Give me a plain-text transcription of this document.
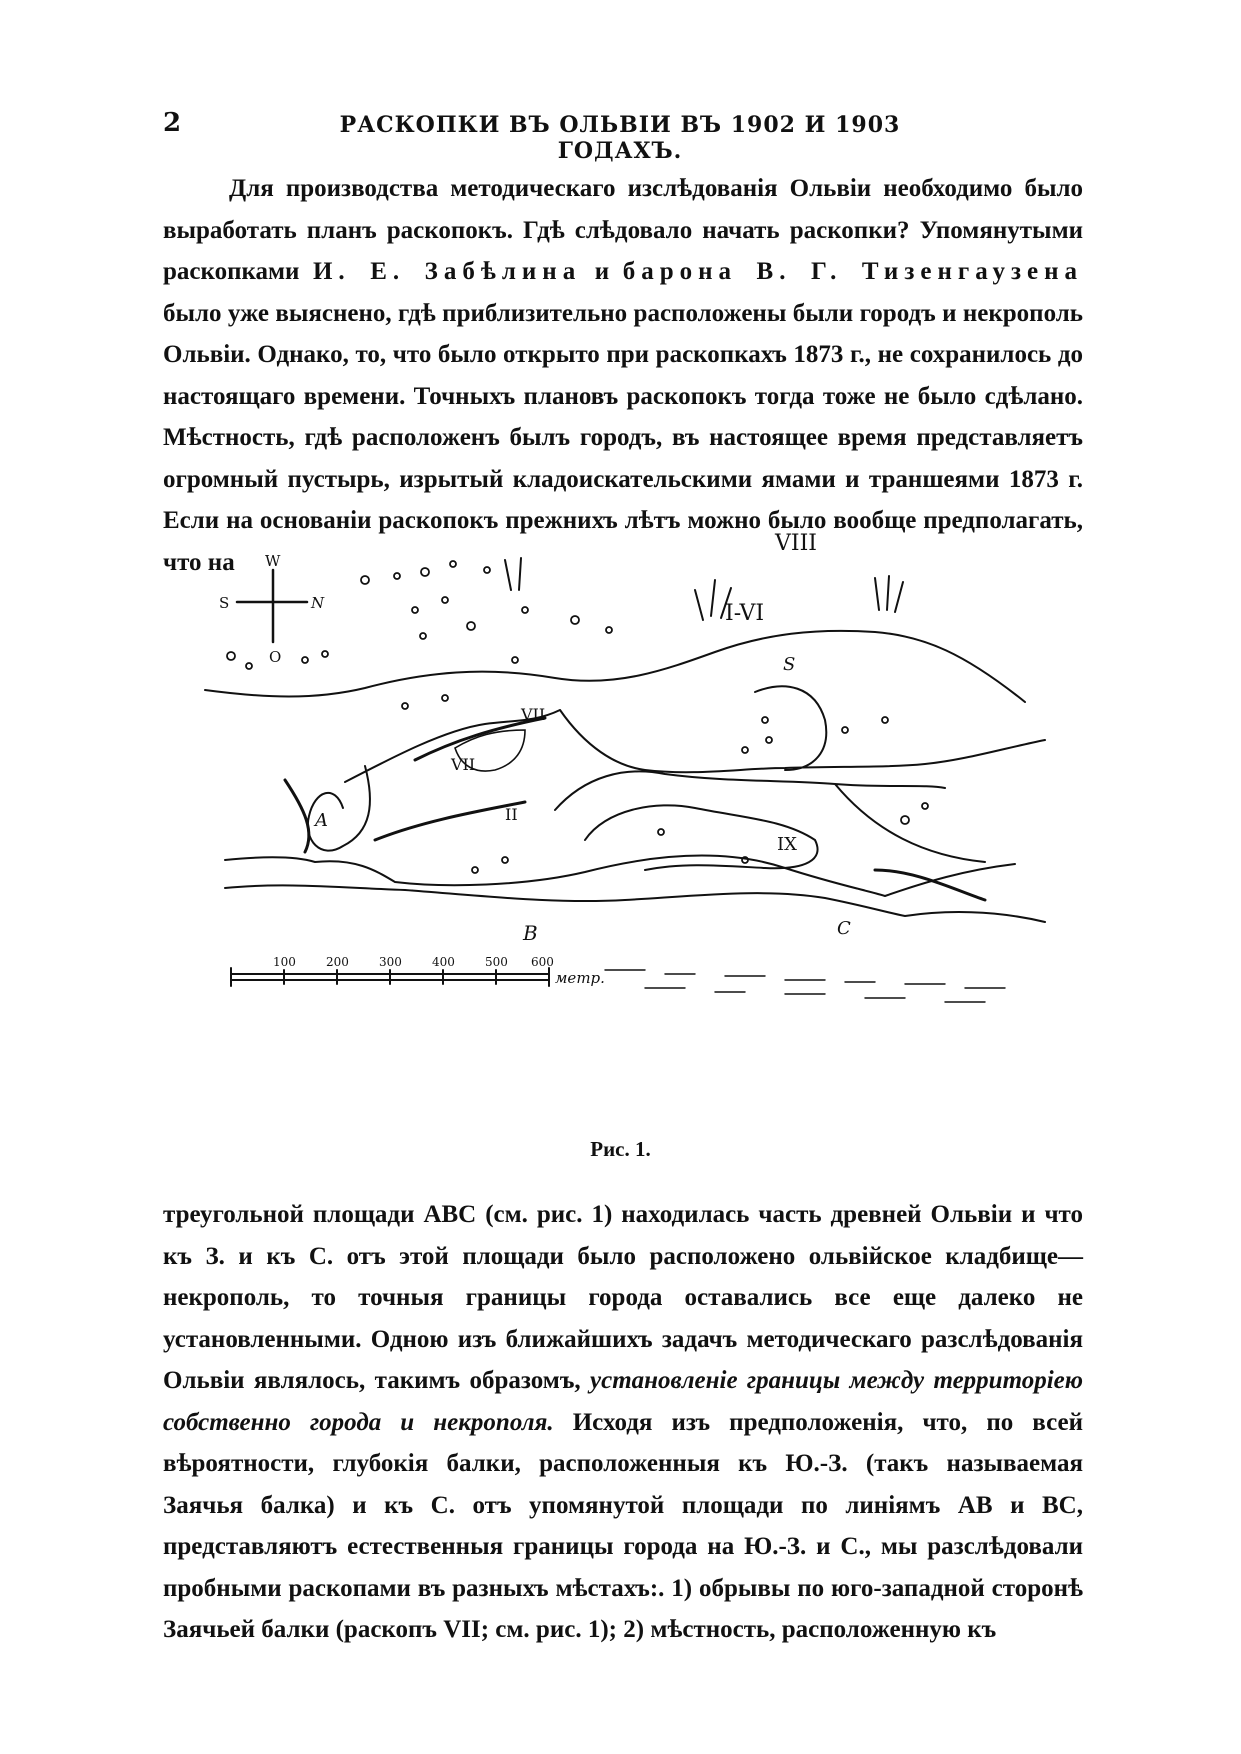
2	РАСКОПКИ ВЪ ОЛЬВIИ ВЪ 1902 И 1903 ГОДАХЪ.

Для производства методическаго изслѣдованія Ольвіи необходимо было выработать планъ раскопокъ. Гдѣ слѣдовало начать раскопки? Упомянутыми раскопками И. Е. Забѣлина и барона В. Г. Тизенгаузена было уже выяснено, гдѣ приблизительно расположены были городъ и некрополь Ольвіи. Однако, то, что было открыто при раскопкахъ 1873 г., не сохранилось до настоящаго времени. Точныхъ плановъ раскопокъ тогда тоже не было сдѣлано. Мѣстность, гдѣ расположенъ былъ городъ, въ настоящее время представляетъ огромный пустырь, изрытый кладоискательскими ямами и траншеями 1873 г. Если на основаніи раскопокъ прежнихъ лѣтъ можно было вообще предполагать, что на	W
S	N
O
VIII
I-VI
VII
VII
II
IX
A
B	C
S
100	200	300	400	500 600
метр.
Рис. 1.

треугольной площади ABC (см. рис. 1) находилась часть древней Ольвіи и что къ З. и къ С. отъ этой площади было расположено ольвійское кладбище—некрополь, то точныя границы города оставались все еще далеко не установленными. Одною изъ ближайшихъ задачъ методическаго разслѣдованія Ольвіи являлось, такимъ образомъ, установленіе границы между территоріею собственно города и некрополя. Исходя изъ предположенія, что, по всей вѣроятности, глубокія балки, расположенныя къ Ю.-З. (такъ называемая Заячья балка) и къ С. отъ упомянутой площади по линіямъ AB и BC, представляютъ естественныя границы города на Ю.-З. и С., мы разслѣдовали пробными раскопами въ разныхъ мѣстахъ:. 1) обрывы по юго-западной сторонѣ Заячьей балки (раскопъ VII; см. рис. 1); 2) мѣстность, расположенную къ
